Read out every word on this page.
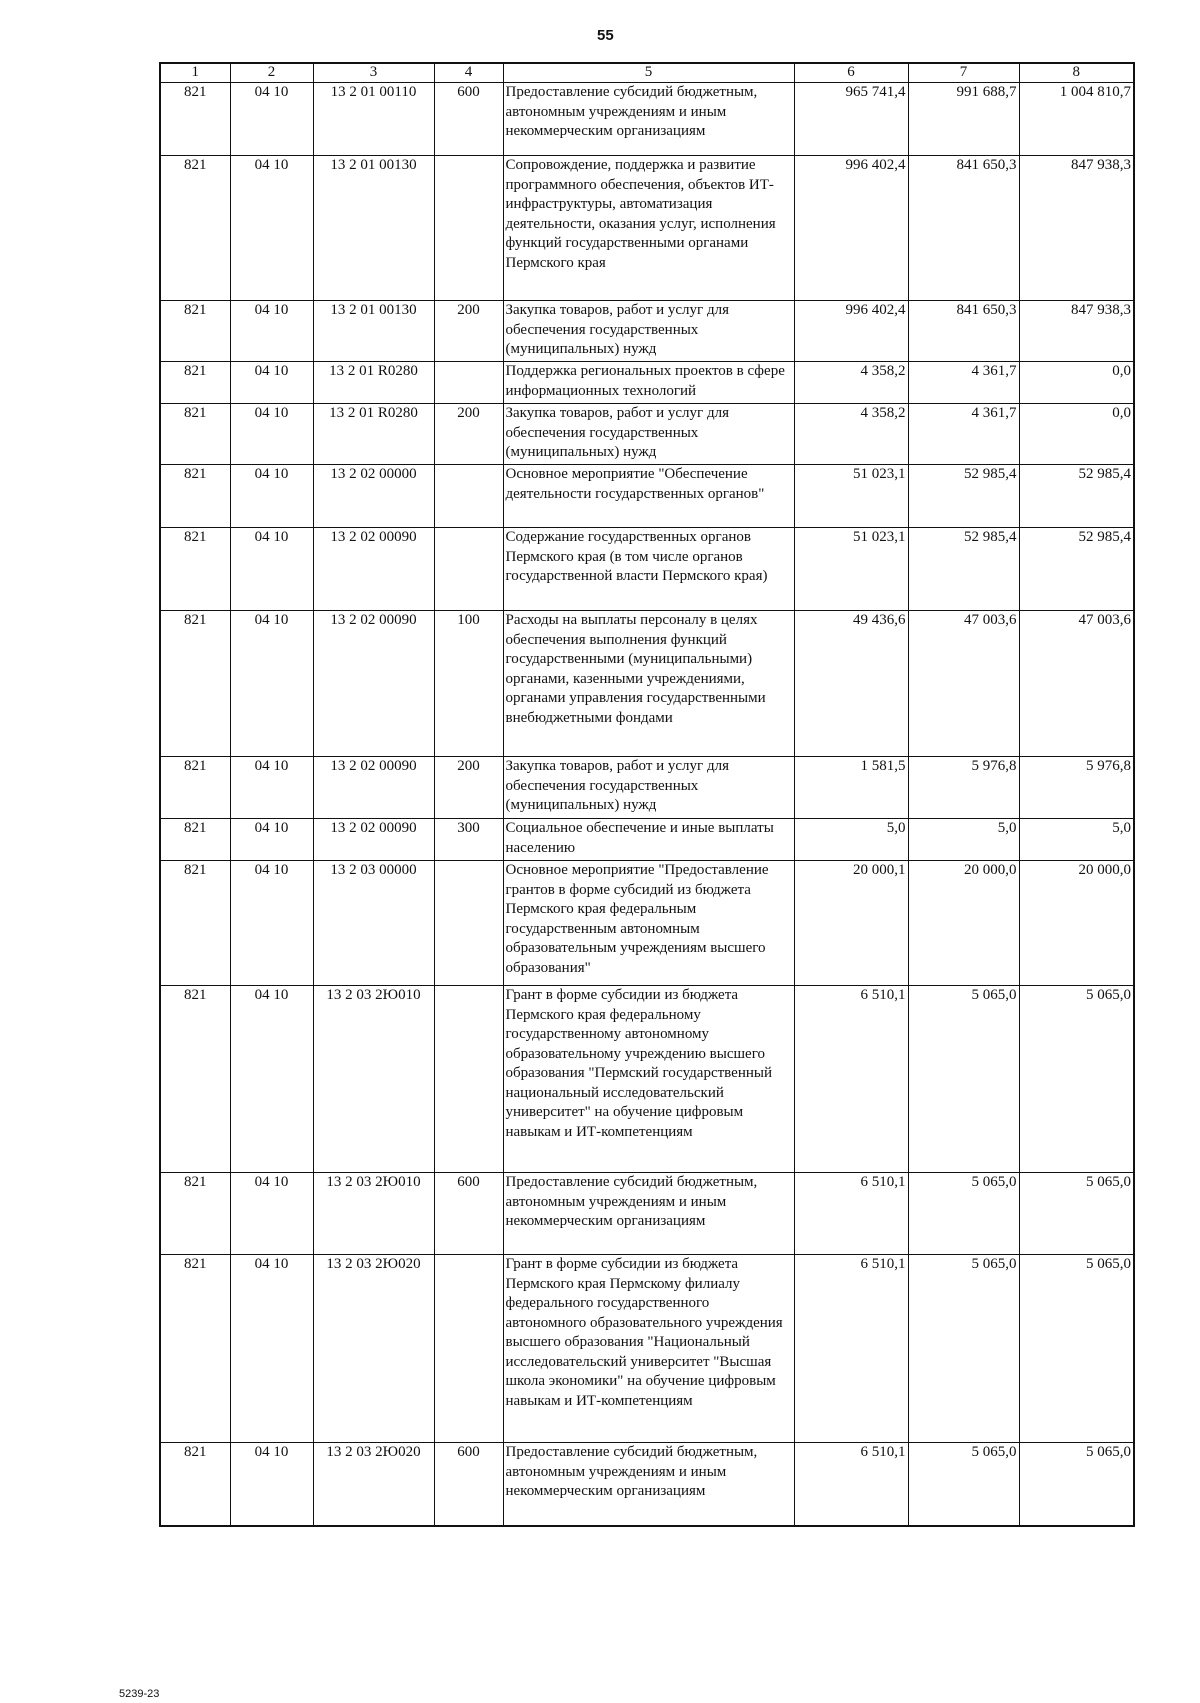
55
1	2	3	4	5	6	7	8
821	04 10	13 2 01 00110	600	Предоставление субсидий бюджетным, автономным учреждениям и иным некоммерческим организациям	965 741,4	991 688,7	1 004 810,7
821	04 10	13 2 01 00130		Сопровождение, поддержка и развитие программного обеспечения, объектов ИТ-инфраструктуры, автоматизация деятельности, оказания услуг, исполнения функций государственными органами Пермского края	996 402,4	841 650,3	847 938,3
821	04 10	13 2 01 00130	200	Закупка товаров, работ и услуг для обеспечения государственных (муниципальных) нужд	996 402,4	841 650,3	847 938,3
821	04 10	13 2 01 R0280		Поддержка региональных проектов в сфере информационных технологий	4 358,2	4 361,7	0,0
821	04 10	13 2 01 R0280	200	Закупка товаров, работ и услуг для обеспечения государственных (муниципальных) нужд	4 358,2	4 361,7	0,0
821	04 10	13 2 02 00000		Основное мероприятие "Обеспечение деятельности государственных органов"	51 023,1	52 985,4	52 985,4
821	04 10	13 2 02 00090		Содержание государственных органов Пермского края (в том числе органов государственной власти Пермского края)	51 023,1	52 985,4	52 985,4
821	04 10	13 2 02 00090	100	Расходы на выплаты персоналу в целях обеспечения выполнения функций государственными (муниципальными) органами, казенными учреждениями, органами управления государственными внебюджетными фондами	49 436,6	47 003,6	47 003,6
821	04 10	13 2 02 00090	200	Закупка товаров, работ и услуг для обеспечения государственных (муниципальных) нужд	1 581,5	5 976,8	5 976,8
821	04 10	13 2 02 00090	300	Социальное обеспечение и иные выплаты населению	5,0	5,0	5,0
821	04 10	13 2 03 00000		Основное мероприятие "Предоставление грантов в форме субсидий из бюджета Пермского края федеральным государственным автономным образовательным учреждениям высшего образования"	20 000,1	20 000,0	20 000,0
821	04 10	13 2 03 2Ю010		Грант в форме субсидии из бюджета Пермского края федеральному государственному автономному образовательному учреждению высшего образования "Пермский государственный национальный исследовательский университет" на обучение цифровым навыкам и ИТ-компетенциям	6 510,1	5 065,0	5 065,0
821	04 10	13 2 03 2Ю010	600	Предоставление субсидий бюджетным, автономным учреждениям и иным некоммерческим организациям	6 510,1	5 065,0	5 065,0
821	04 10	13 2 03 2Ю020		Грант в форме субсидии из бюджета Пермского края Пермскому филиалу федерального государственного автономного образовательного учреждения высшего образования "Национальный исследовательский университет "Высшая школа экономики" на обучение цифровым навыкам и ИТ-компетенциям	6 510,1	5 065,0	5 065,0
821	04 10	13 2 03 2Ю020	600	Предоставление субсидий бюджетным, автономным учреждениям и иным некоммерческим организациям	6 510,1	5 065,0	5 065,0
5239-23
